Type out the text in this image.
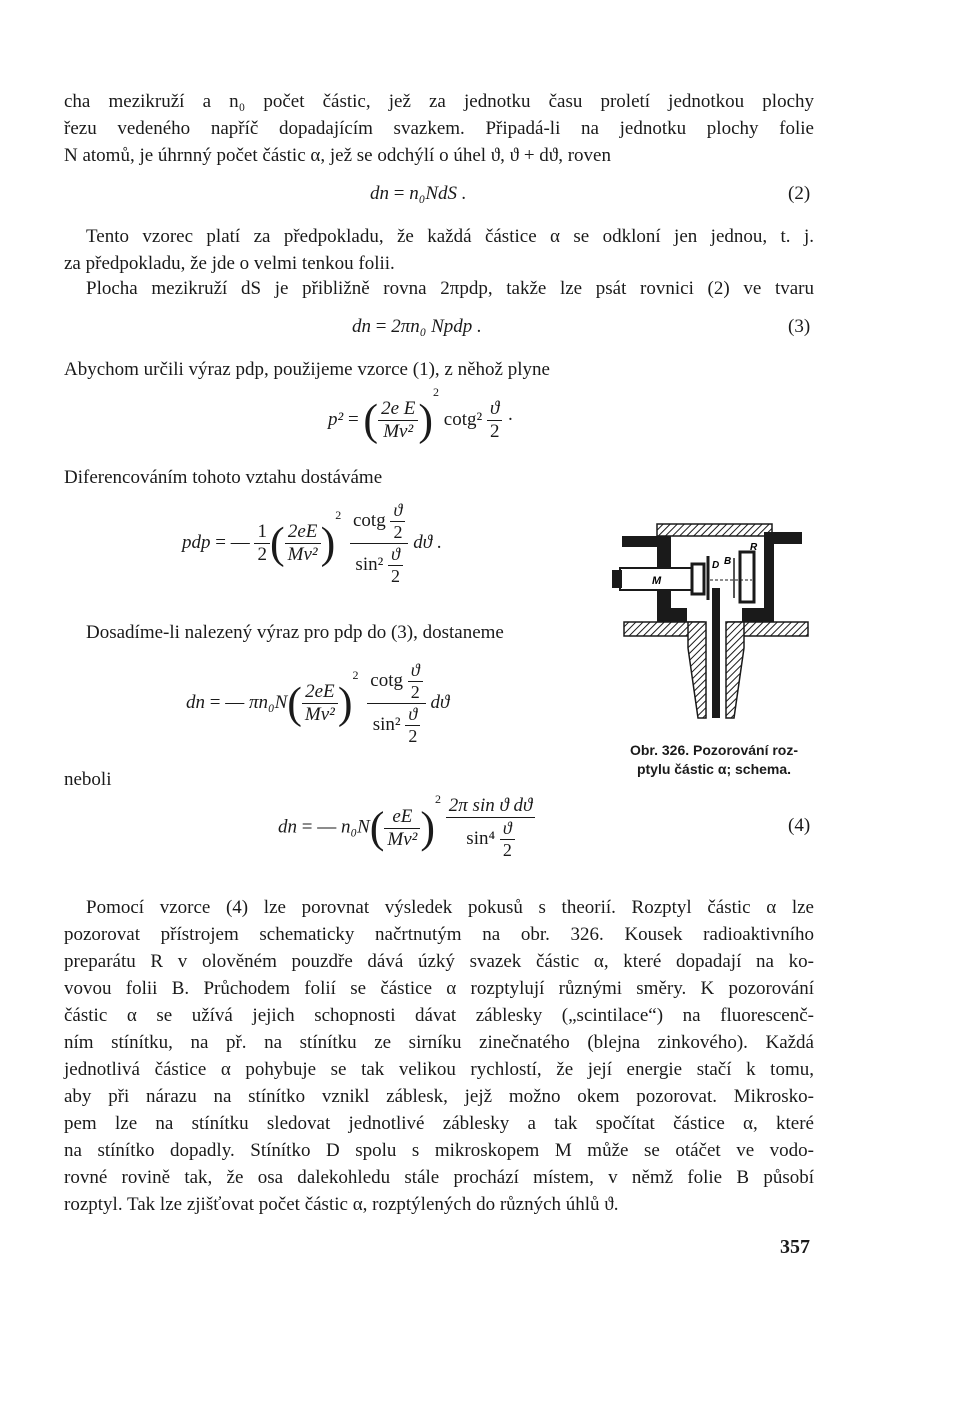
cha mezikruží a n₀ počet částic, jež za jednotku času proletí jednotkou plochy
řezu vedeného napříč dopadajícím svazkem. Připadá-li na jednotku plochy folie
N atomů, je úhrnný počet částic α, jež se odchýlí o úhel ϑ, ϑ + dϑ, roven
dn = n₀NdS .	(2)
Tento vzorec platí za předpokladu, že každá částice α se odkloní jen jednou, t. j.
za předpokladu, že jde o velmi tenkou folii.
Plocha mezikruží dS je přibližně rovna 2πpdp, takže lze psát rovnici (2) ve tvaru
dn = 2πn₀ Npdp .	(3)
Abychom určili výraz pdp, použijeme vzorce (1), z něhož plyne
p² = ( $\frac{\text{2e E}}{\text{Mv²}} )^2$ $\cot g^2 \frac{ϑ}{2}$ ·
Diferencováním tohoto vztahu dostáváme
pdp = — $\frac{1}{2}$ ( $\frac{2eE}{\text{Mv²}} )^2 \frac{\cot g \frac{ϑ}{2}}{\sin^2 \frac{ϑ}{2}}$ dϑ .
Dosadíme-li nalezený výraz pro pdp do (3), dostaneme
dn = — $\pi n_0N( \frac{2eE}{\text{Mv²}} )^2 \frac{\cot g \frac{ϑ}{2}}{\sin^2 \frac{ϑ}{2}}$ dϑ
neboli
dn = — $n_0N( \frac{eE}{\text{Mv²}} )^2 \frac{\text{2π sin ϑ dϑ}}{\sin^4 \frac{ϑ}{2}}$	(4)
M
D B
R
Obr. 326. Pozorování roz-
ptylu částic α; schema.
Pomocí vzorce (4) lze porovnat výsledek pokusů s theorií. Rozptyl částic α lze
pozorovat přístrojem schematicky načrtnutým na obr. 326. Kousek radioaktivního
preparátu R v olověném pouzdře dává úzký svazek částic α, které dopadají na ko-
vovou folii B. Průchodem folií se částice α rozptylují různými směry. K pozorování
částic α se užívá jejich schopnosti dávat záblesky („scintilace“) na fluorescenč-
ním stínítku, na př. na stínítku ze sirníku zinečnatého (blejna zinkového). Každá
jednotlivá částice α pohybuje se tak velikou rychlostí, že její energie stačí k tomu,
aby při nárazu na stínítko vznikl záblesk, jejž možno okem pozorovat. Mikrosko-
pem lze na stínítku sledovat jednotlivé záblesky a tak spočítat částice α, které
na stínítko dopadly. Stínítko D spolu s mikroskopem M může se otáčet ve vodo-
rovné rovině tak, že osa dalekohledu stále prochází místem, v němž folie B působí
rozptyl. Tak lze zjišťovat počet částic α, rozptýlených do různých úhlů ϑ.
357
